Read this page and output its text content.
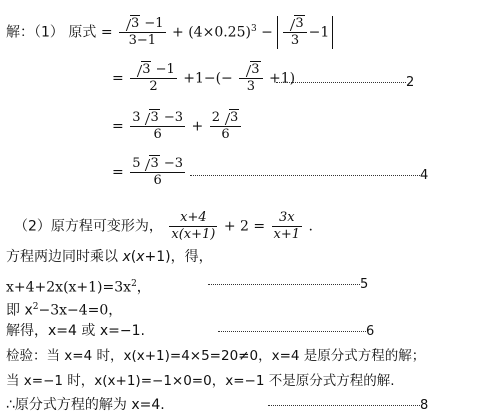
解：（1） 原式 = $\frac{3 -1}{3-1} + (4\times 0.25)^3 - \frac{3}{3} -1$
= $\frac{3 -1}{2} +1-(- \frac{3}{3} +1)$	2
= $\frac{3 3 -3}{6} + \frac{2 3}{6}$
= $\frac{5 3 -3}{6}$	4
（2）原方程可变形为， $\frac{x+4}{x(x+1)} + 2 = \frac{3x}{x+1}$ .
方程两边同时乘以 x(x+1)，得，
$x+4+2x(x+1)=3x^2$，	5
即 $x^2-3x-4=0$，
解得，x=4 或 x=−1.	6
检验：当 x=4 时，x(x+1)=4×5=20≠0，x=4 是原分式方程的解；
当 x=−1 时，x(x+1)=−1×0=0，x=−1 不是原分式方程的解.
∴原分式方程的解为 x=4.	8
